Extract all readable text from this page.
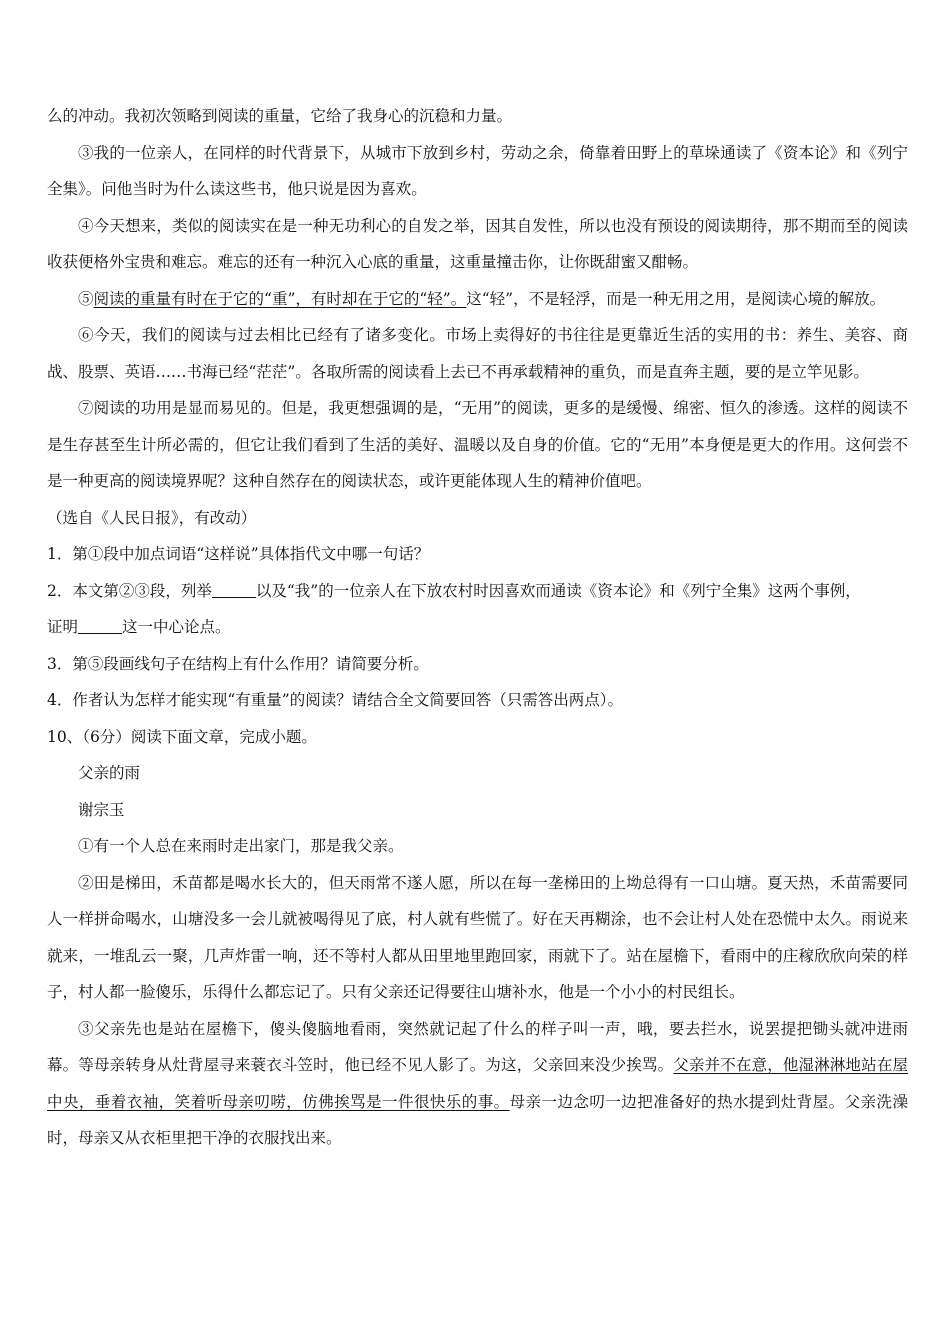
么的冲动。我初次领略到阅读的重量，它给了我身心的沉稳和力量。

③我的一位亲人，在同样的时代背景下，从城市下放到乡村，劳动之余，倚靠着田野上的草垛通读了《资本论》和《列宁全集》。问他当时为什么读这些书，他只说是因为喜欢。

④今天想来，类似的阅读实在是一种无功利心的自发之举，因其自发性，所以也没有预设的阅读期待，那不期而至的阅读收获便格外宝贵和难忘。难忘的还有一种沉入心底的重量，这重量撞击你，让你既甜蜜又酣畅。

⑤阅读的重量有时在于它的“重”，有时却在于它的“轻”。这“轻”，不是轻浮，而是一种无用之用，是阅读心境的解放。

⑥今天，我们的阅读与过去相比已经有了诸多变化。市场上卖得好的书往往是更靠近生活的实用的书：养生、美容、商战、股票、英语……书海已经“茫茫”。各取所需的阅读看上去已不再承载精神的重负，而是直奔主题，要的是立竿见影。

⑦阅读的功用是显而易见的。但是，我更想强调的是，“无用”的阅读，更多的是缓慢、绵密、恒久的渗透。这样的阅读不是生存甚至生计所必需的，但它让我们看到了生活的美好、温暖以及自身的价值。它的“无用”本身便是更大的作用。这何尝不是一种更高的阅读境界呢？这种自然存在的阅读状态，或许更能体现人生的精神价值吧。

（选自《人民日报》，有改动）

1．第①段中加点词语“这样说”具体指代文中哪一句话？

2．本文第②③段，列举	以及“我”的一位亲人在下放农村时因喜欢而通读《资本论》和《列宁全集》这两个事例，

证明	这一中心论点。

3．第⑤段画线句子在结构上有什么作用？请简要分析。

4．作者认为怎样才能实现“有重量”的阅读？请结合全文简要回答（只需答出两点）。

10、（6分）阅读下面文章，完成小题。

父亲的雨

谢宗玉

①有一个人总在来雨时走出家门，那是我父亲。

②田是梯田，禾苗都是喝水长大的，但天雨常不遂人愿，所以在每一垄梯田的上坳总得有一口山塘。夏天热，禾苗需要同人一样拼命喝水，山塘没多一会儿就被喝得见了底，村人就有些慌了。好在天再糊涂，也不会让村人处在恐慌中太久。雨说来就来，一堆乱云一聚，几声炸雷一响，还不等村人都从田里地里跑回家，雨就下了。站在屋檐下，看雨中的庄稼欣欣向荣的样子，村人都一脸傻乐，乐得什么都忘记了。只有父亲还记得要往山塘补水，他是一个小小的村民组长。

③父亲先也是站在屋檐下，傻头傻脑地看雨，突然就记起了什么的样子叫一声，哦，要去拦水，说罢提把锄头就冲进雨幕。等母亲转身从灶背屋寻来蓑衣斗笠时，他已经不见人影了。为这，父亲回来没少挨骂。父亲并不在意，他湿淋淋地站在屋中央，垂着衣袖，笑着听母亲叨唠，仿佛挨骂是一件很快乐的事。母亲一边念叨一边把准备好的热水提到灶背屋。父亲洗澡时，母亲又从衣柜里把干净的衣服找出来。
